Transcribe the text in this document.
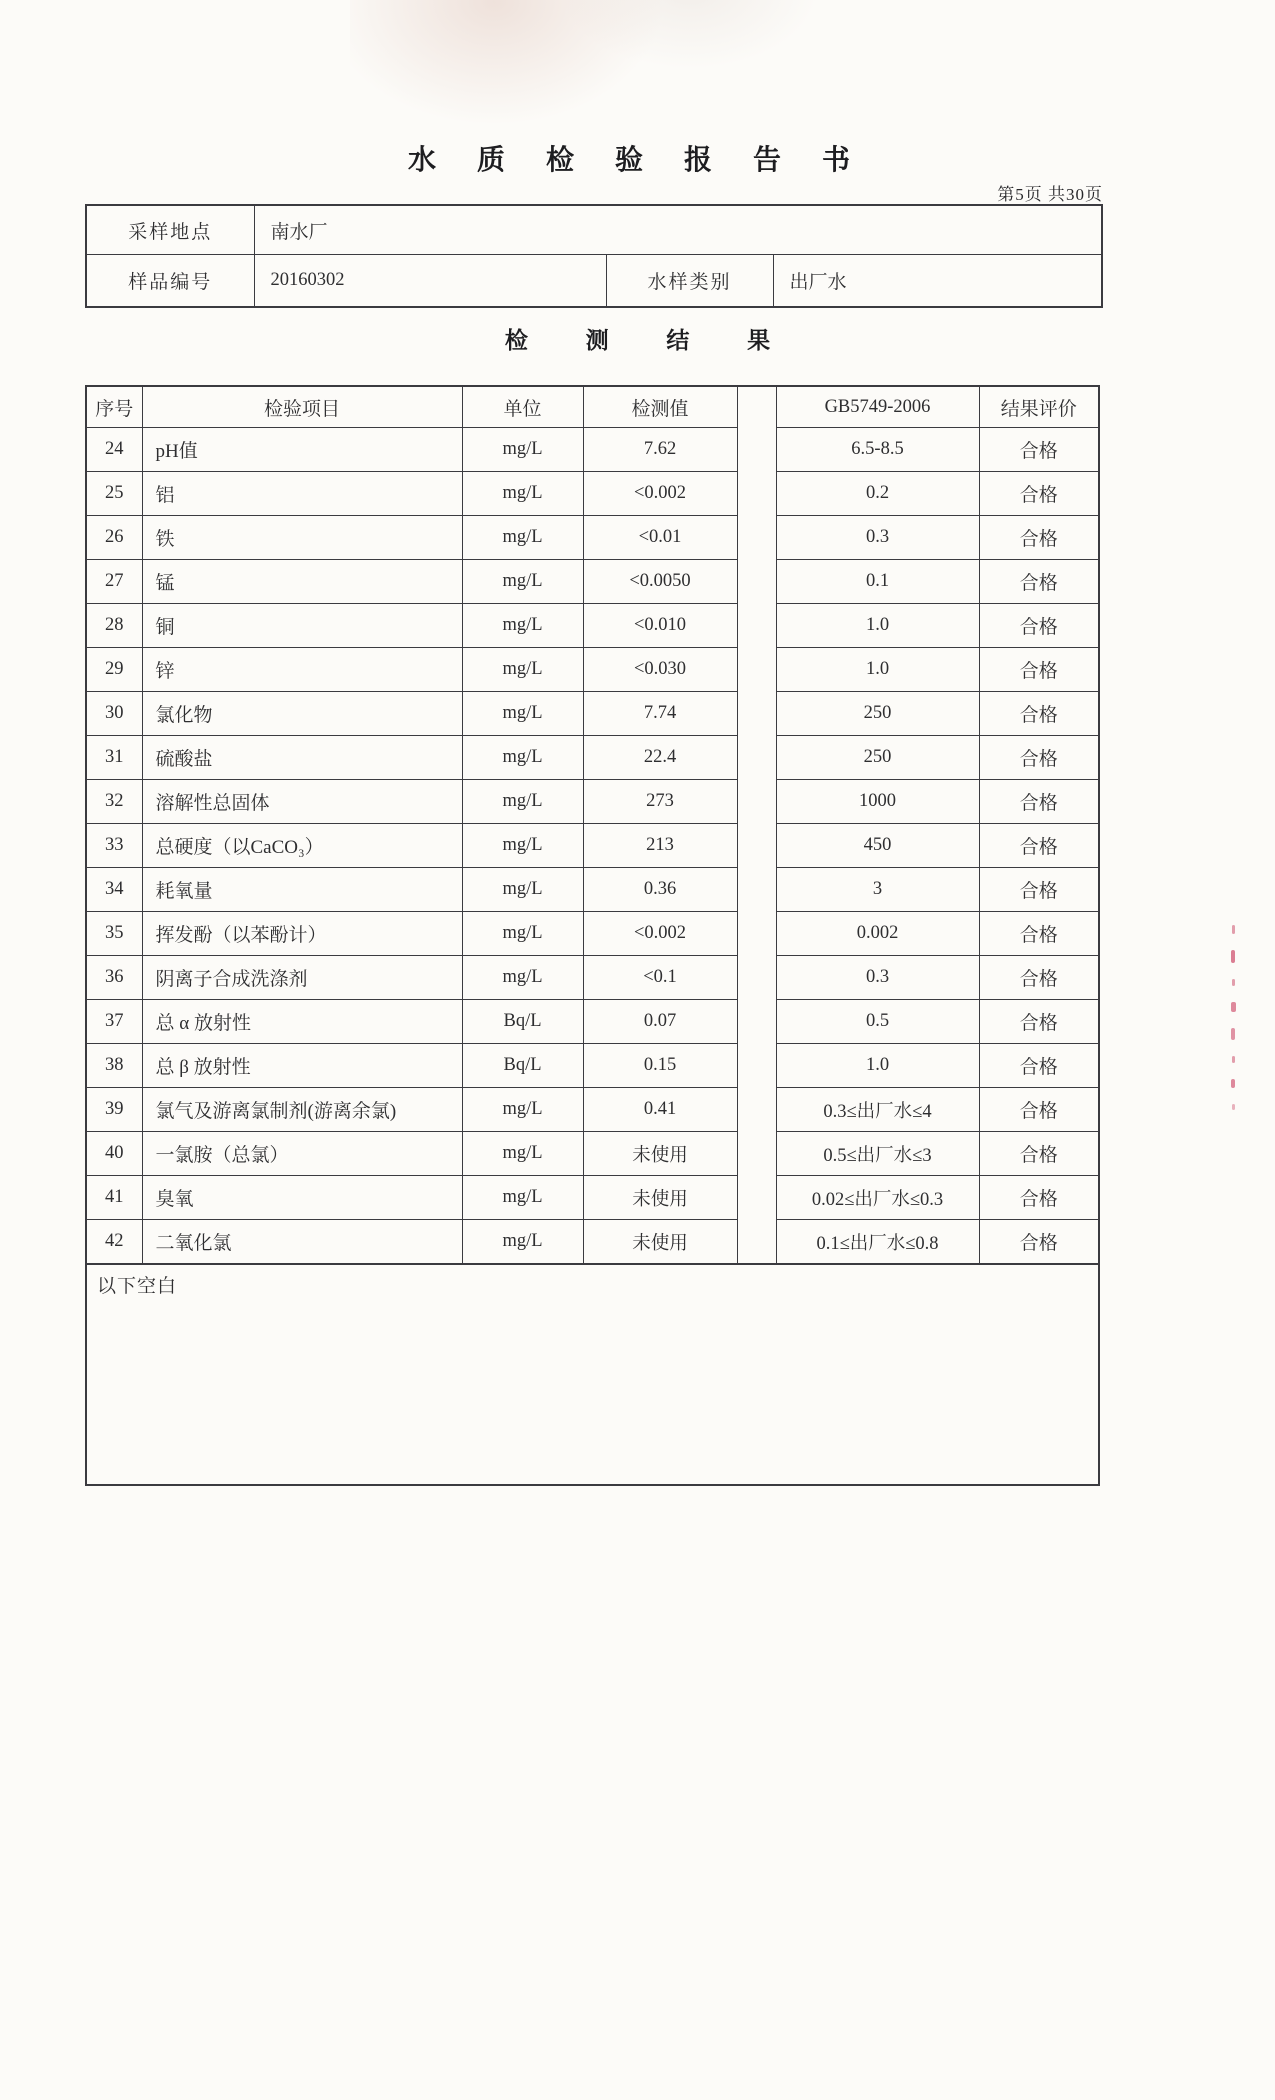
水 质 检 验 报 告 书
第5页 共30页
采样地点	南水厂		
样品编号	20160302	水样类别	出厂水
检 测 结 果
序号	检验项目	单位	检测值		GB5749-2006	结果评价
24	pH值	mg/L	7.62		6.5-8.5	合格
25	铝	mg/L	<0.002		0.2	合格
26	铁	mg/L	<0.01		0.3	合格
27	锰	mg/L	<0.0050		0.1	合格
28	铜	mg/L	<0.010		1.0	合格
29	锌	mg/L	<0.030		1.0	合格
30	氯化物	mg/L	7.74		250	合格
31	硫酸盐	mg/L	22.4		250	合格
32	溶解性总固体	mg/L	273		1000	合格
33	总硬度（以CaCO₃）	mg/L	213		450	合格
34	耗氧量	mg/L	0.36		3	合格
35	挥发酚（以苯酚计）	mg/L	<0.002		0.002	合格
36	阴离子合成洗涤剂	mg/L	<0.1		0.3	合格
37	总 α 放射性	Bq/L	0.07		0.5	合格
38	总 β 放射性	Bq/L	0.15		1.0	合格
39	氯气及游离氯制剂(游离余氯)	mg/L	0.41		0.3≤出厂水≤4	合格
40	一氯胺（总氯）	mg/L	未使用		0.5≤出厂水≤3	合格
41	臭氧	mg/L	未使用		0.02≤出厂水≤0.3	合格
42	二氧化氯	mg/L	未使用		0.1≤出厂水≤0.8	合格
以下空白						
